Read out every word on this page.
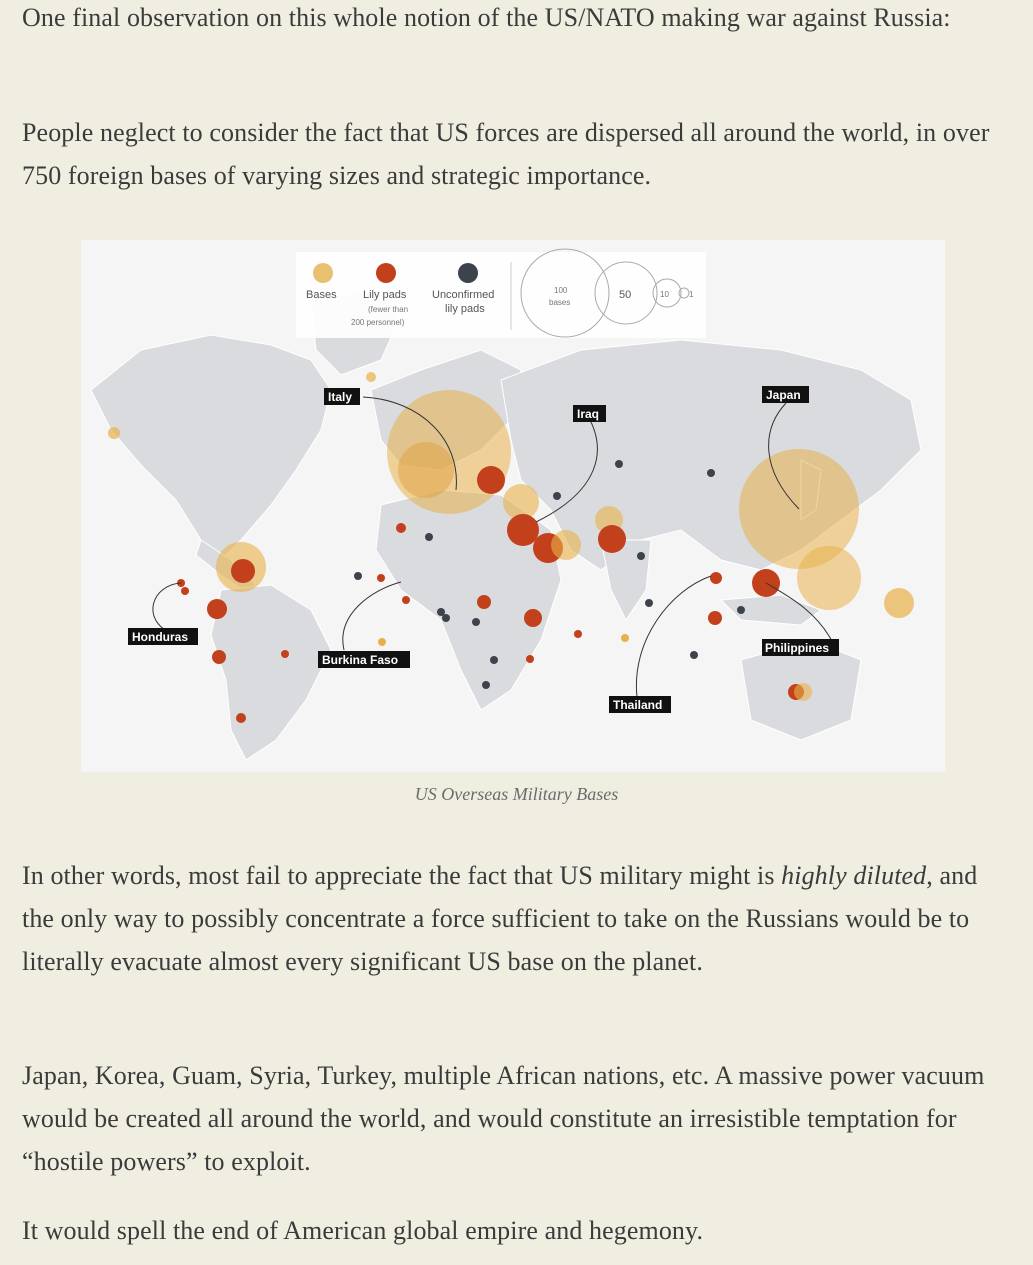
One final observation on this whole notion of the US/NATO making war against Russia:

People neglect to consider the fact that US forces are dispersed all around the world, in over 750 foreign bases of varying sizes and strategic importance.

Bases Lily pads
(fewer than
200 personnel)
Unconfirmed
lily pads
100
bases
50	10	1
Italy
Iraq
Japan
Honduras
Burkina Faso
Philippines
Thailand
US Overseas Military Bases

In other words, most fail to appreciate the fact that US military might is highly diluted, and the only way to possibly concentrate a force sufficient to take on the Russians would be to literally evacuate almost every significant US base on the planet.

Japan, Korea, Guam, Syria, Turkey, multiple African nations, etc. A massive power vacuum would be created all around the world, and would constitute an irresistible temptation for “hostile powers” to exploit.

It would spell the end of American global empire and hegemony.
